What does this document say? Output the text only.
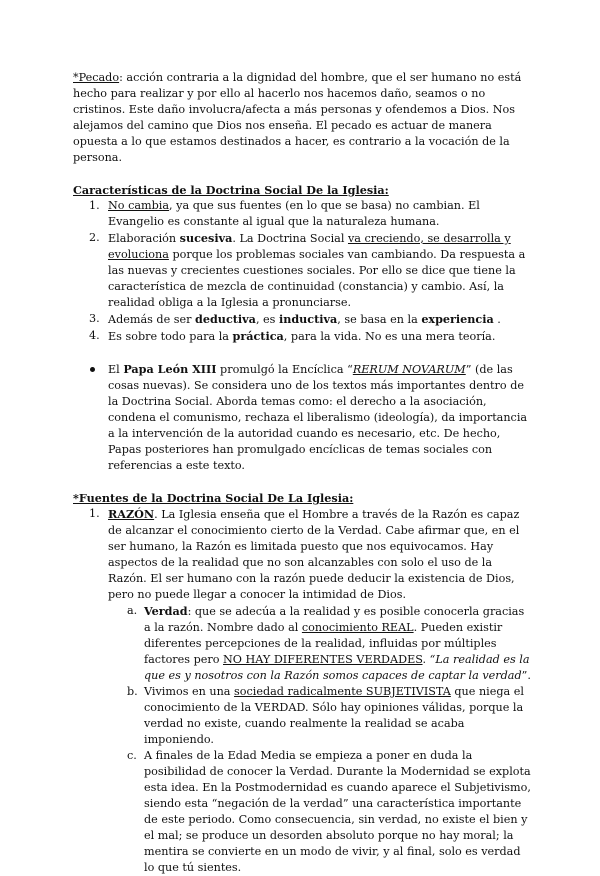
*Pecado: acción contraria a la dignidad del hombre, que el ser humano no está hecho para realizar y por ello al hacerlo nos hacemos daño, seamos o no cristinos. Este daño involucra/afecta a más personas y ofendemos a Dios. Nos alejamos del camino que Dios nos enseña. El pecado es actuar de manera opuesta a lo que estamos destinados a hacer, es contrario a la vocación de la persona.

Características de la Doctrina Social De la Iglesia:

1. No cambia, ya que sus fuentes (en lo que se basa) no cambian. El Evangelio es constante al igual que la naturaleza humana.
2. Elaboración sucesiva. La Doctrina Social va creciendo, se desarrolla y evoluciona porque los problemas sociales van cambiando. Da respuesta a las nuevas y crecientes cuestiones sociales. Por ello se dice que tiene la característica de mezcla de continuidad (constancia) y cambio. Así, la realidad obliga a la Iglesia a pronunciarse.
3. Además de ser deductiva, es inductiva, se basa en la experiencia .
4. Es sobre todo para la práctica, para la vida. No es una mera teoría.

El Papa León XIII promulgó la Encíclica “RERUM NOVARUM” (de las cosas nuevas). Se considera uno de los textos más importantes dentro de la Doctrina Social. Aborda temas como: el derecho a la asociación, condena el comunismo, rechaza el liberalismo (ideología), da importancia a la intervención de la autoridad cuando es necesario, etc. De hecho, Papas posteriores han promulgado encíclicas de temas sociales con referencias a este texto.

*Fuentes de la Doctrina Social De La Iglesia:

1. RAZÓN. La Iglesia enseña que el Hombre a través de la Razón es capaz de alcanzar el conocimiento cierto de la Verdad. Cabe afirmar que, en el ser humano, la Razón es limitada puesto que nos equivocamos. Hay aspectos de la realidad que no son alcanzables con solo el uso de la Razón. El ser humano con la razón puede deducir la existencia de Dios, pero no puede llegar a conocer la intimidad de Dios.
a. Verdad: que se adecúa a la realidad y es posible conocerla gracias a la razón. Nombre dado al conocimiento REAL. Pueden existir diferentes percepciones de la realidad, influidas por múltiples factores pero NO HAY DIFERENTES VERDADES. “La realidad es la que es y nosotros con la Razón somos capaces de captar la verdad”.
b. Vivimos en una sociedad radicalmente SUBJETIVISTA que niega el conocimiento de la VERDAD. Sólo hay opiniones válidas, porque la verdad no existe, cuando realmente la realidad se acaba imponiendo.
c. A finales de la Edad Media se empieza a poner en duda la posibilidad de conocer la Verdad. Durante la Modernidad se explota esta idea. En la Postmodernidad es cuando aparece el Subjetivismo, siendo esta “negación de la verdad” una característica importante de este periodo. Como consecuencia, sin verdad, no existe el bien y el mal; se produce un desorden absoluto porque no hay moral; la mentira se convierte en un modo de vivir, y al final, solo es verdad lo que tú sientes.
